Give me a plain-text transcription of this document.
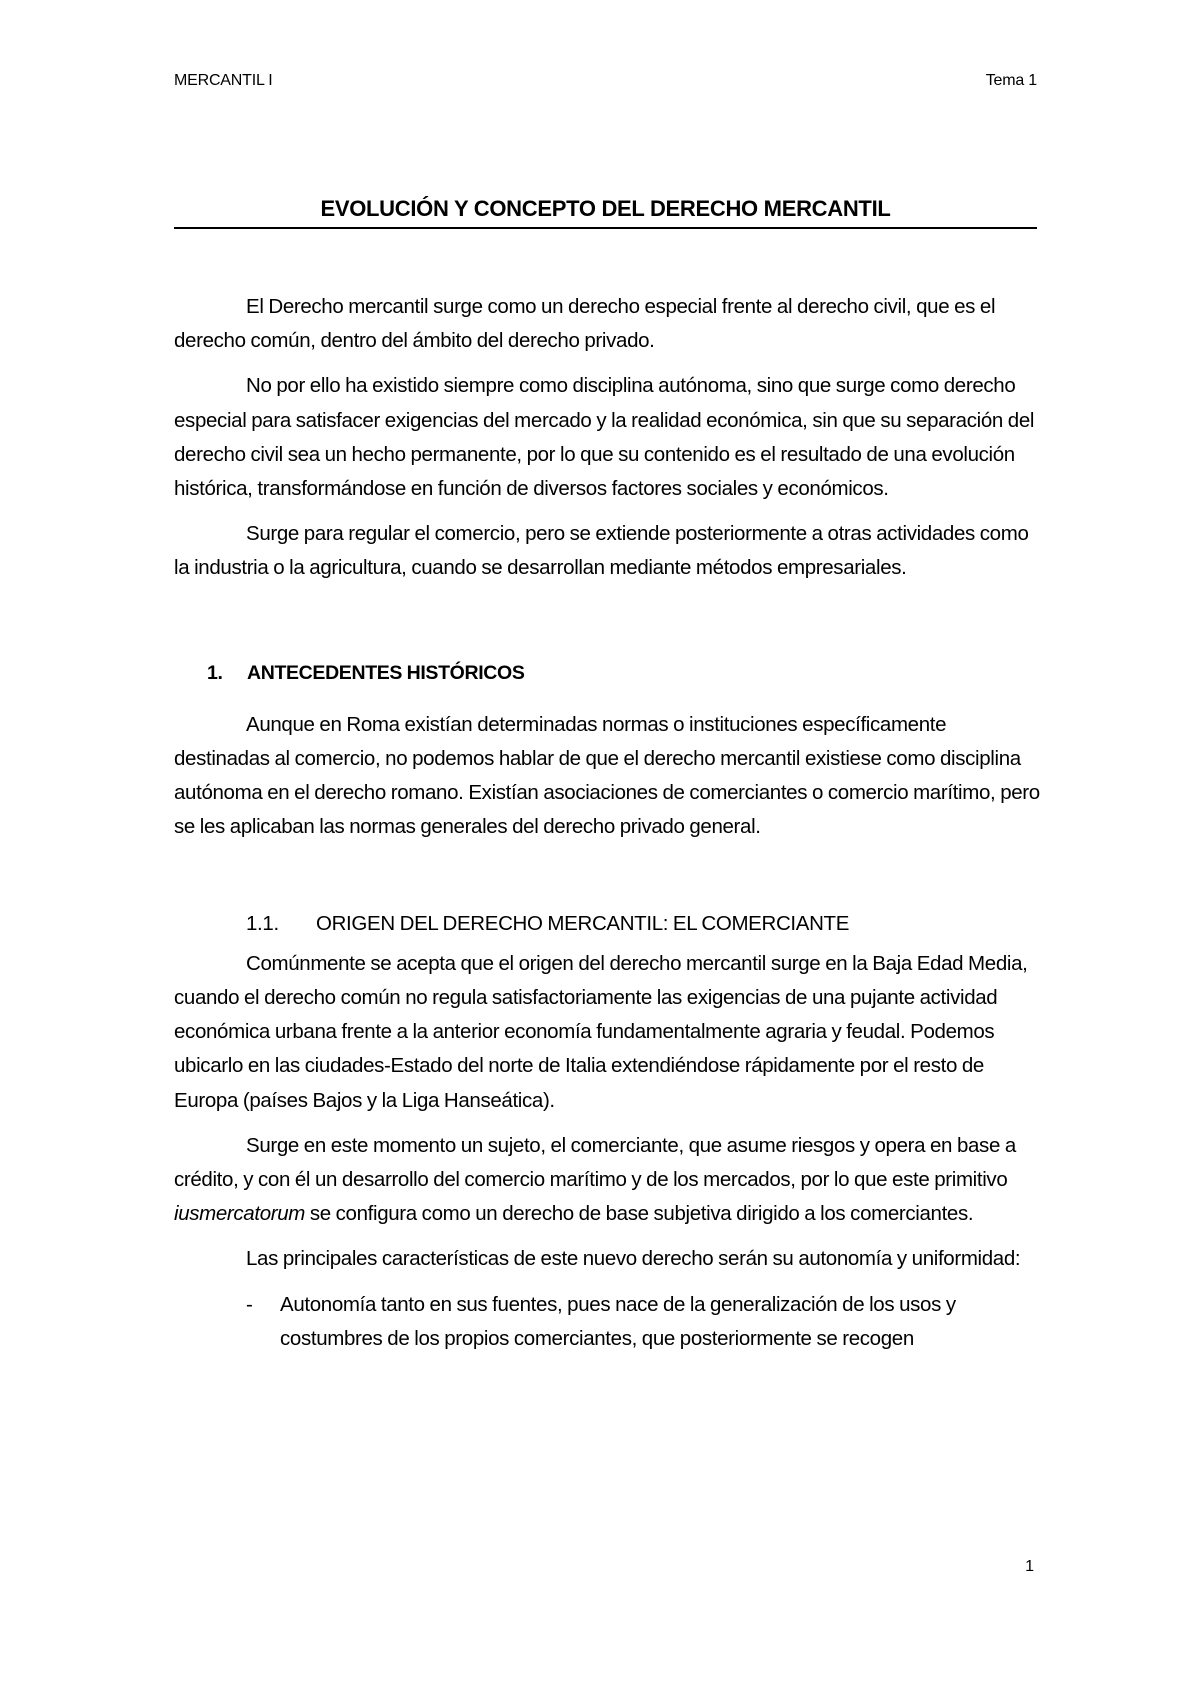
MERCANTIL I	Tema 1
EVOLUCIÓN Y CONCEPTO DEL DERECHO MERCANTIL

El Derecho mercantil surge como un derecho especial frente al derecho civil, que es el derecho común, dentro del ámbito del derecho privado.

No por ello ha existido siempre como disciplina autónoma, sino que surge como derecho especial para satisfacer exigencias del mercado y la realidad económica, sin que su separación del derecho civil sea un hecho permanente, por lo que su contenido es el resultado de una evolución histórica, transformándose en función de diversos factores sociales y económicos.

Surge para regular el comercio, pero se extiende posteriormente a otras actividades como la industria o la agricultura, cuando se desarrollan mediante métodos empresariales.

1. ANTECEDENTES HISTÓRICOS

Aunque en Roma existían determinadas normas o instituciones específicamente destinadas al comercio, no podemos hablar de que el derecho mercantil existiese como disciplina autónoma en el derecho romano. Existían asociaciones de comerciantes o comercio marítimo, pero se les aplicaban las normas generales del derecho privado general.

1.1. ORIGEN DEL DERECHO MERCANTIL: EL COMERCIANTE

Comúnmente se acepta que el origen del derecho mercantil surge en la Baja Edad Media, cuando el derecho común no regula satisfactoriamente las exigencias de una pujante actividad económica urbana frente a la anterior economía fundamentalmente agraria y feudal. Podemos ubicarlo en las ciudades-Estado del norte de Italia extendiéndose rápidamente por el resto de Europa (países Bajos y la Liga Hanseática).

Surge en este momento un sujeto, el comerciante, que asume riesgos y opera en base a crédito, y con él un desarrollo del comercio marítimo y de los mercados, por lo que este primitivo iusmercatorum se configura como un derecho de base subjetiva dirigido a los comerciantes.

Las principales características de este nuevo derecho serán su autonomía y uniformidad:

- Autonomía tanto en sus fuentes, pues nace de la generalización de los usos y costumbres de los propios comerciantes, que posteriormente se recogen
1
